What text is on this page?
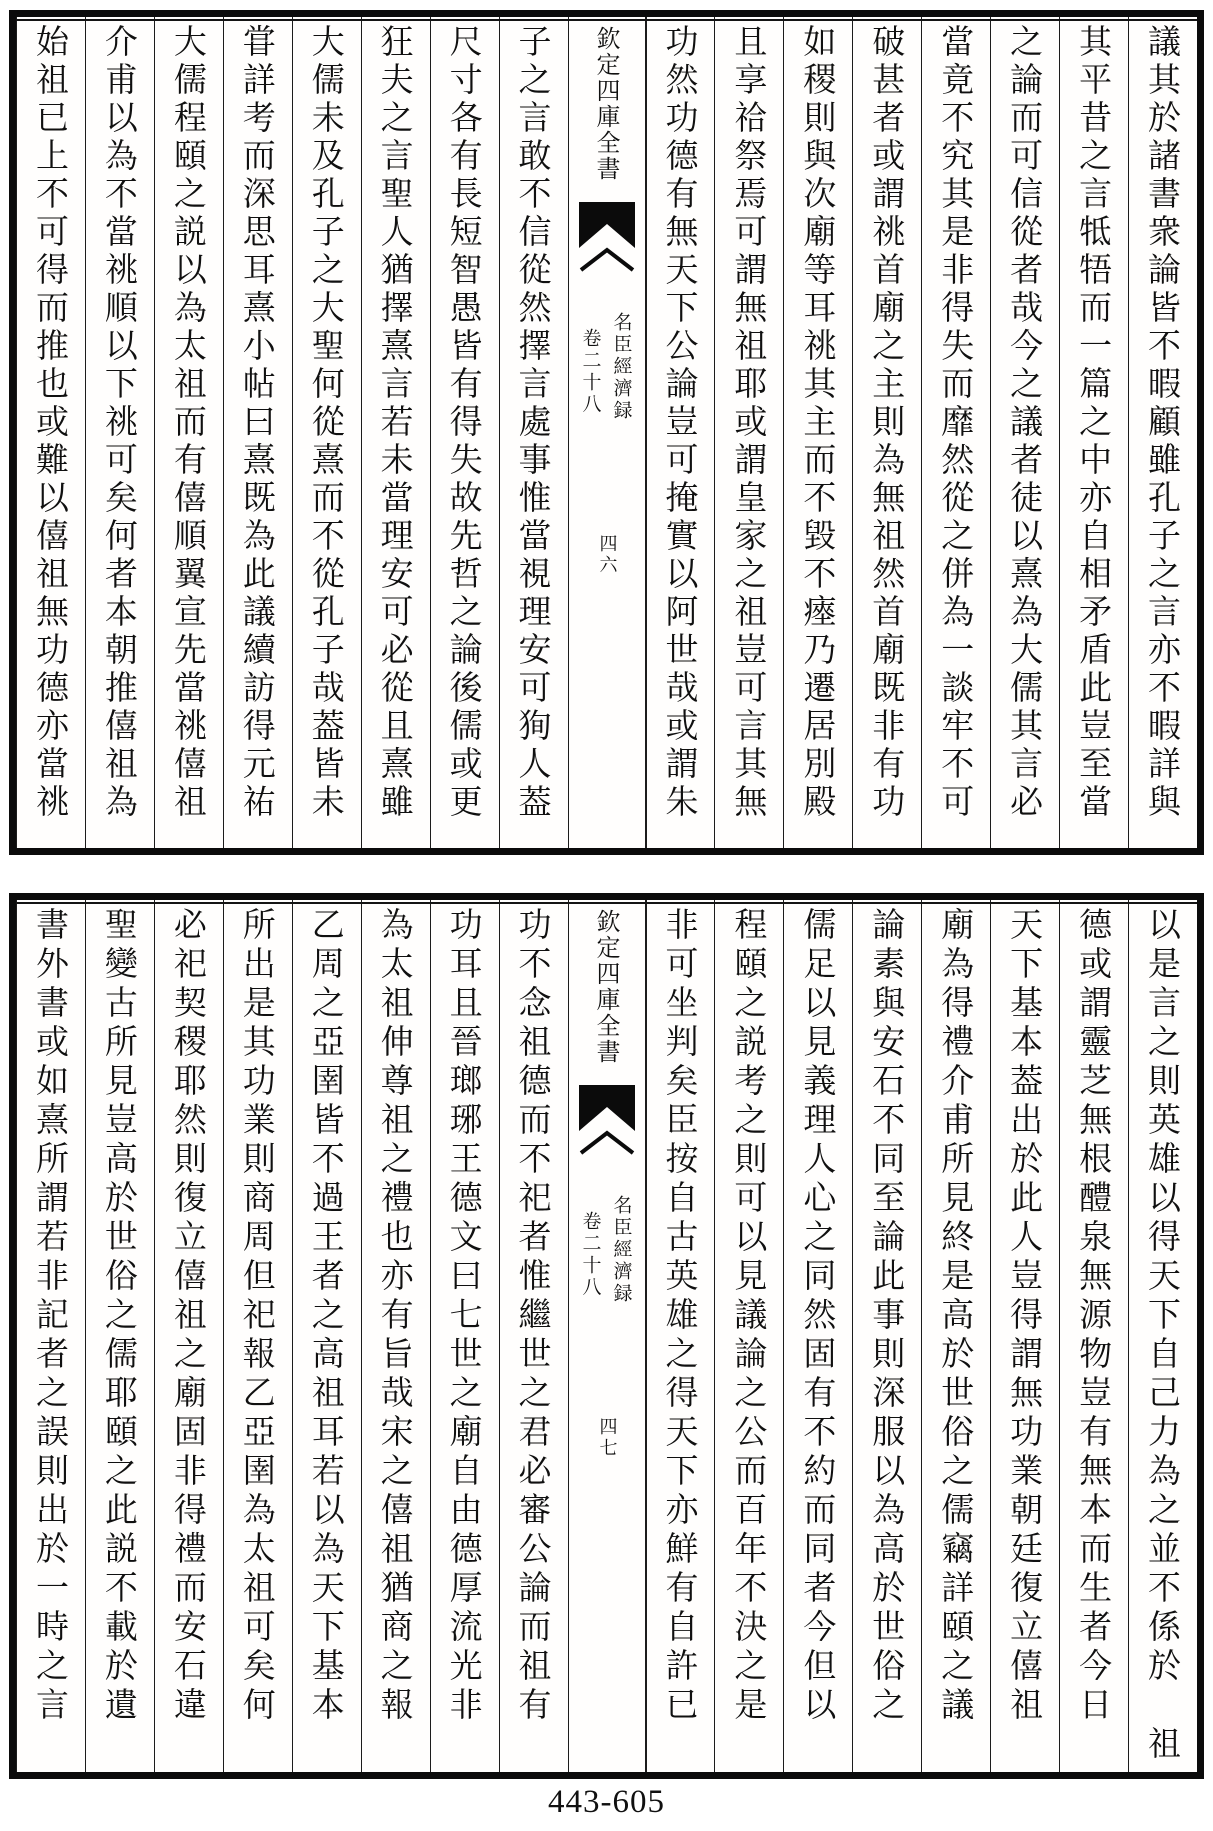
議其於諸書衆論皆不暇顧雖孔子之言亦不暇詳與
其平昔之言牴牾而一篇之中亦自相矛盾此豈至當
之論而可信從者哉今之議者徒以熹為大儒其言必
當竟不究其是非得失而靡然從之併為一談牢不可
破甚者或謂祧首廟之主則為無祖然首廟既非有功
如稷則與次廟等耳祧其主而不毀不瘞乃遷居別殿
且享祫祭焉可謂無祖耶或謂皇家之祖豈可言其無
功然功德有無天下公論豈可掩實以阿世哉或謂朱
欽定四庫全書
名臣經濟録
卷二十八
四六
子之言敢不信從然擇言處事惟當視理安可狥人葢
尺寸各有長短智愚皆有得失故先哲之論後儒或更
狂夫之言聖人猶擇熹言若未當理安可必從且熹雖
大儒未及孔子之大聖何從熹而不從孔子哉葢皆未
甞詳考而深思耳熹小帖曰熹既為此議續訪得元祐
大儒程頤之説以為太祖而有僖順翼宣先當祧僖祖
介甫以為不當祧順以下祧可矣何者本朝推僖祖為
始祖已上不可得而推也或難以僖祖無功德亦當祧
以是言之則英雄以得天下自己力為之並不係於　祖
德或謂靈芝無根醴泉無源物豈有無本而生者今日
天下基本葢出於此人豈得謂無功業朝廷復立僖祖
廟為得禮介甫所見終是高於世俗之儒竊詳頤之議
論素與安石不同至論此事則深服以為高於世俗之
儒足以見義理人心之同然固有不約而同者今但以
程頤之説考之則可以見議論之公而百年不決之是
非可坐判矣臣按自古英雄之得天下亦鮮有自許已
欽定四庫全書
名臣經濟録
卷二十八
四七
功不念祖德而不祀者惟繼世之君必審公論而祖有
功耳且晉瑯琊王德文曰七世之廟自由德厚流光非
為太祖伸尊祖之禮也亦有旨哉宋之僖祖猶商之報
乙周之亞圉皆不過王者之高祖耳若以為天下基本
所出是其功業則商周但祀報乙亞圉為太祖可矣何
必祀契稷耶然則復立僖祖之廟固非得禮而安石違
聖變古所見豈高於世俗之儒耶頤之此説不載於遺
書外書或如熹所謂若非記者之誤則出於一時之言
443-605
